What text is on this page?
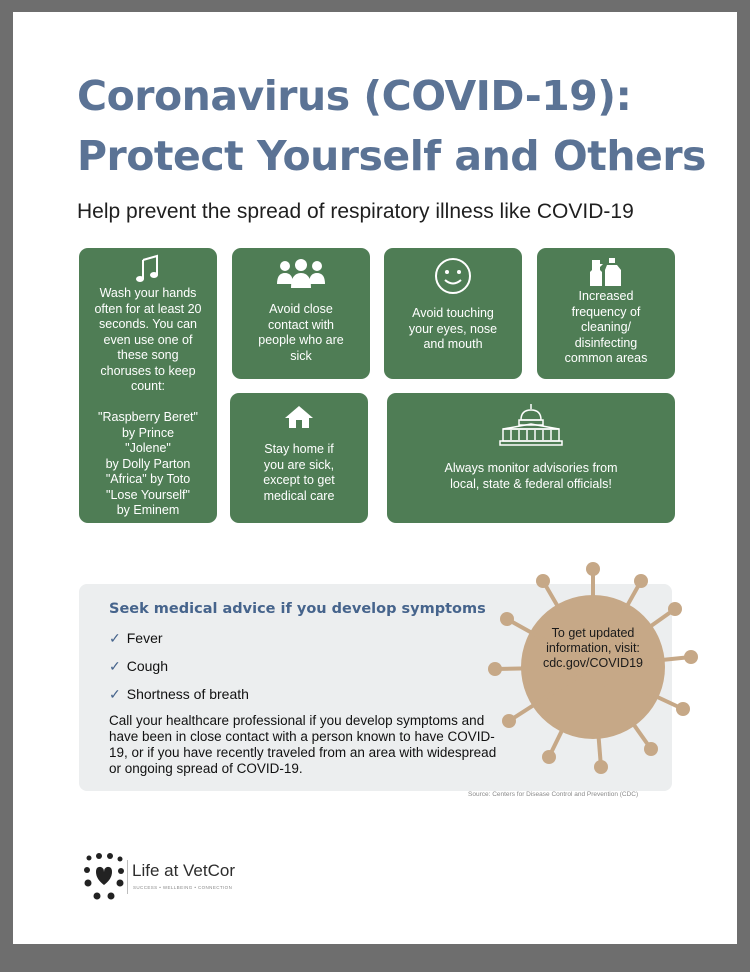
Coronavirus (COVID-19):
Protect Yourself and Others
Help prevent the spread of respiratory illness like COVID-19
Wash your hands
often for at least 20
seconds. You can
even use one of
these song
choruses to keep
count:

"Raspberry Beret"
by Prince
"Jolene"
by Dolly Parton
"Africa" by Toto
"Lose Yourself"
by Eminem
Avoid close
contact with
people who are
sick
Avoid touching
your eyes, nose
and mouth
Increased
frequency of
cleaning/
disinfecting
common areas
Stay home if
you are sick,
except to get
medical care
Always monitor advisories from
local, state & federal officials!
Seek medical advice if you develop symptoms
✓ Fever
✓ Cough
✓ Shortness of breath
Call your healthcare professional if you develop symptoms and have been in close contact with a person known to have COVID-19, or if you have recently traveled from an area with widespread or ongoing spread of COVID-19.
To get updated
information, visit:
cdc.gov/COVID19
Source: Centers for Disease Control and Prevention (CDC)
Life at VetCor
SUCCESS • WELLBEING • CONNECTION
